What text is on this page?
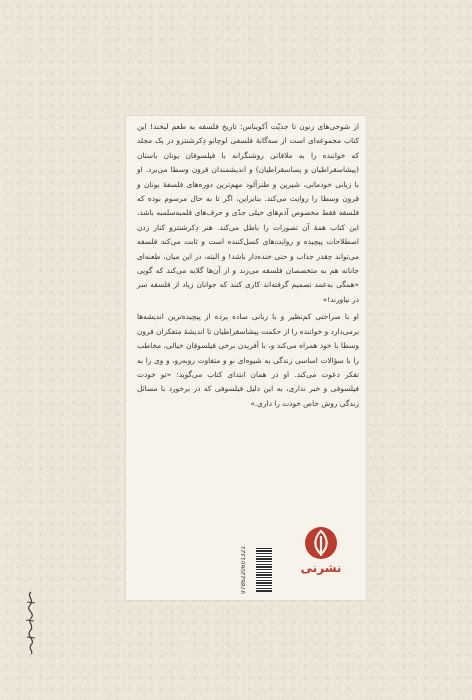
از شوخی‌های زنون تا جدیّت آکویناس: تاریخ فلسفه به طعم لبخند! این کتاب مجموعه‌ای است از سه‌گانهٔ فلسفی لوچانو دِکرشنتزو در یک مجلد که خواننده را به ملاقاتی روشنگرانه با فیلسوفان یونان باستان (پیشاسقراطیان و پساسقراطیان) و اندیشمندان قرون وسطا می‌برد. او با زبانی خودمانی، شیرین و طنزآلود مهم‌ترین دوره‌های فلسفهٔ یونان و قرون وسطا را روایت می‌کند. بنابراین، اگر تا به حال مرسوم بوده که فلسفه فقط مخصوص آدم‌های خیلی جدّی و حرف‌های قلمبه‌سلمبه باشد، این کتاب همهٔ آن تصورات را باطل می‌کند. هنر دِکرشنتزو کنار زدن اصطلاحات پیچیده و روایت‌های کسل‌کننده است و ثابت می‌کند فلسفه می‌تواند چقدر جذاب و حتی خنده‌دار باشد! و البته، در این میان، طعنه‌ای جانانه هم به متخصصان فلسفه می‌زند و از آن‌ها گلایه می‌کند که گویی «همگی به‌عمد تصمیم گرفته‌اند کاری کنند که جوانان زیاد از فلسفه سر در نیاورند!»

او با صراحتی کم‌نظیر و با زبانی ساده پرده از پیچیده‌ترین اندیشه‌ها برمی‌دارد و خواننده را از حکمت پیشاسقراطیان تا اندیشهٔ متفکران قرون وسطا با خود همراه می‌کند و، با آفریدن برخی فیلسوفان خیالی، مخاطب را با سؤالات اساسی زندگی به شیوه‌ای نو و متفاوت روبه‌رو، و وی را به تفکر دعوت می‌کند. او در همان ابتدای کتاب می‌گوید: «تو خودت فیلسوفی و خبر نداری، به این دلیل فیلسوفی که در برخورد با مسائل زندگی روش خاص خودت را داری.»

9786220601321	نشرنی
